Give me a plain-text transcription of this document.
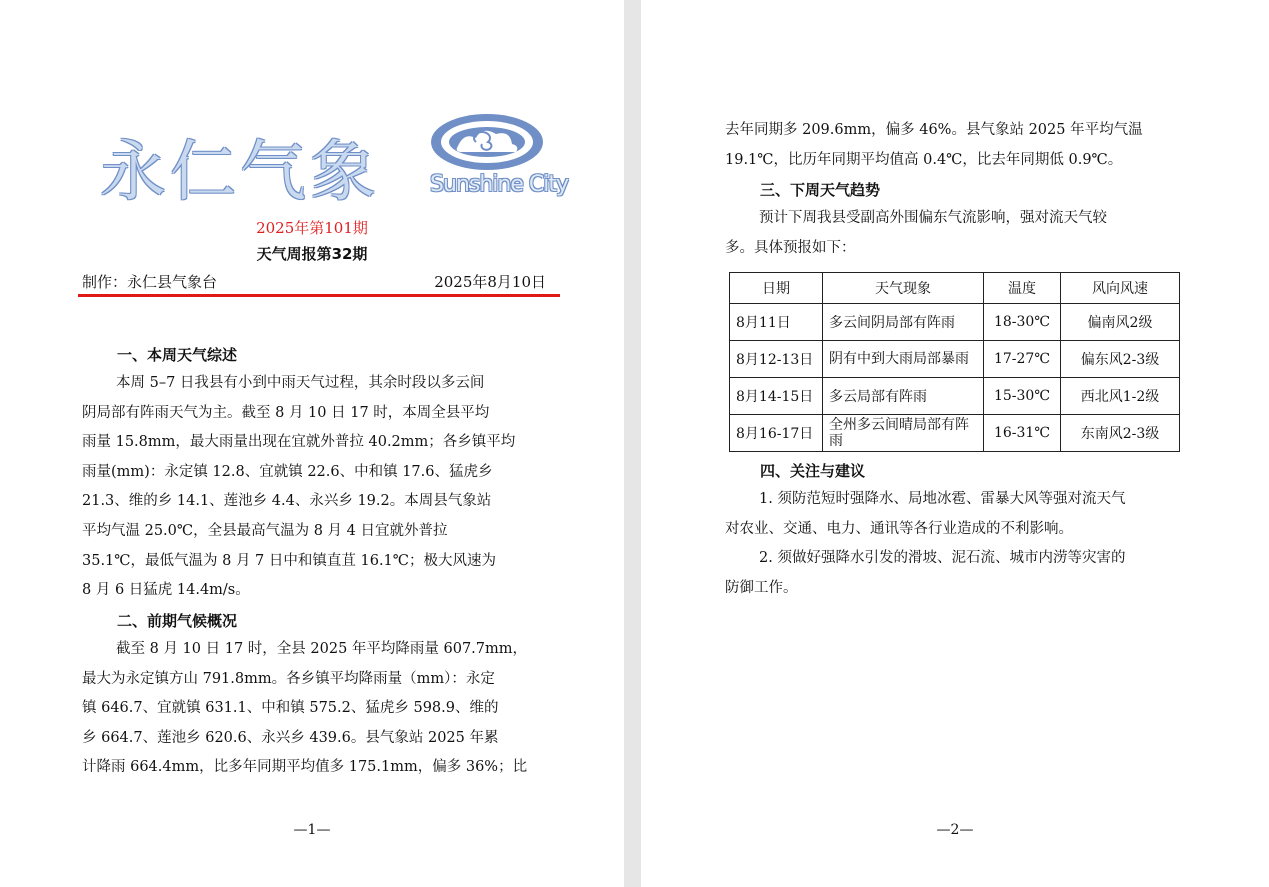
永仁气象 Sunshine City
2025年第101期
天气周报第32期
制作：永仁县气象台	2025年8月10日
一、本周天气综述
本周 5–7 日我县有小到中雨天气过程，其余时段以多云间
阴局部有阵雨天气为主。截至 8 月 10 日 17 时，本周全县平均
雨量 15.8mm，最大雨量出现在宜就外普拉 40.2mm；各乡镇平均
雨量(mm)：永定镇 12.8、宜就镇 22.6、中和镇 17.6、猛虎乡
21.3、维的乡 14.1、莲池乡 4.4、永兴乡 19.2。本周县气象站
平均气温 25.0℃，全县最高气温为 8 月 4 日宜就外普拉
35.1℃，最低气温为 8 月 7 日中和镇直苴 16.1℃；极大风速为
8 月 6 日猛虎 14.4m/s。
二、前期气候概况
截至 8 月 10 日 17 时，全县 2025 年平均降雨量 607.7mm，
最大为永定镇方山 791.8mm。各乡镇平均降雨量（mm）：永定
镇 646.7、宜就镇 631.1、中和镇 575.2、猛虎乡 598.9、维的
乡 664.7、莲池乡 620.6、永兴乡 439.6。县气象站 2025 年累
计降雨 664.4mm，比多年同期平均值多 175.1mm，偏多 36%；比
—1—	—2—
去年同期多 209.6mm，偏多 46%。县气象站 2025 年平均气温
19.1℃，比历年同期平均值高 0.4℃，比去年同期低 0.9℃。
三、下周天气趋势
预计下周我县受副高外围偏东气流影响，强对流天气较
多。具体预报如下：
日期	天气现象	温度	风向风速
8月11日	多云间阴局部有阵雨	18-30℃	偏南风2级
8月12-13日	阴有中到大雨局部暴雨	17-27℃	偏东风2-3级
8月14-15日	多云局部有阵雨	15-30℃	西北风1-2级
8月16-17日	全州多云间晴局部有阵雨	16-31℃	东南风2-3级
四、关注与建议
1. 须防范短时强降水、局地冰雹、雷暴大风等强对流天气
对农业、交通、电力、通讯等各行业造成的不利影响。
2. 须做好强降水引发的滑坡、泥石流、城市内涝等灾害的
防御工作。
